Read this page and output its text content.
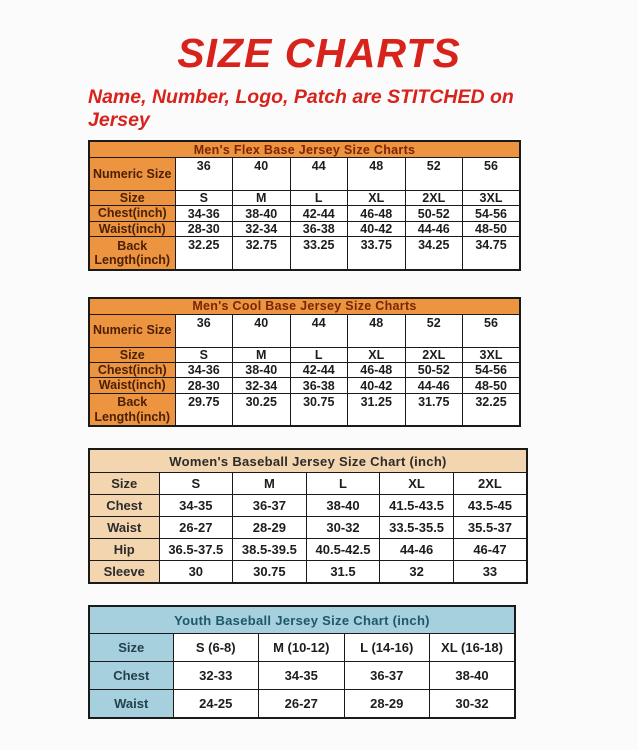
SIZE CHARTS
Name, Number, Logo, Patch are STITCHED on Jersey
Men's Flex Base Jersey Size Charts						
Numeric Size	36	40	44	48	52	56
Size	S	M	L	XL	2XL	3XL
Chest(inch)	34-36	38-40	42-44	46-48	50-52	54-56
Waist(inch)	28-30	32-34	36-38	40-42	44-46	48-50
Back Length(inch)	32.25	32.75	33.25	33.75	34.25	34.75
Men's Cool Base Jersey Size Charts						
Numeric Size	36	40	44	48	52	56
Size	S	M	L	XL	2XL	3XL
Chest(inch)	34-36	38-40	42-44	46-48	50-52	54-56
Waist(inch)	28-30	32-34	36-38	40-42	44-46	48-50
Back Length(inch)	29.75	30.25	30.75	31.25	31.75	32.25
Women's Baseball Jersey Size Chart (inch)					
Size	S	M	L	XL	2XL
Chest	34-35	36-37	38-40	41.5-43.5	43.5-45
Waist	26-27	28-29	30-32	33.5-35.5	35.5-37
Hip	36.5-37.5	38.5-39.5	40.5-42.5	44-46	46-47
Sleeve	30	30.75	31.5	32	33
Youth Baseball Jersey Size Chart (inch)				
Size	S (6-8)	M (10-12)	L (14-16)	XL (16-18)
Chest	32-33	34-35	36-37	38-40
Waist	24-25	26-27	28-29	30-32
